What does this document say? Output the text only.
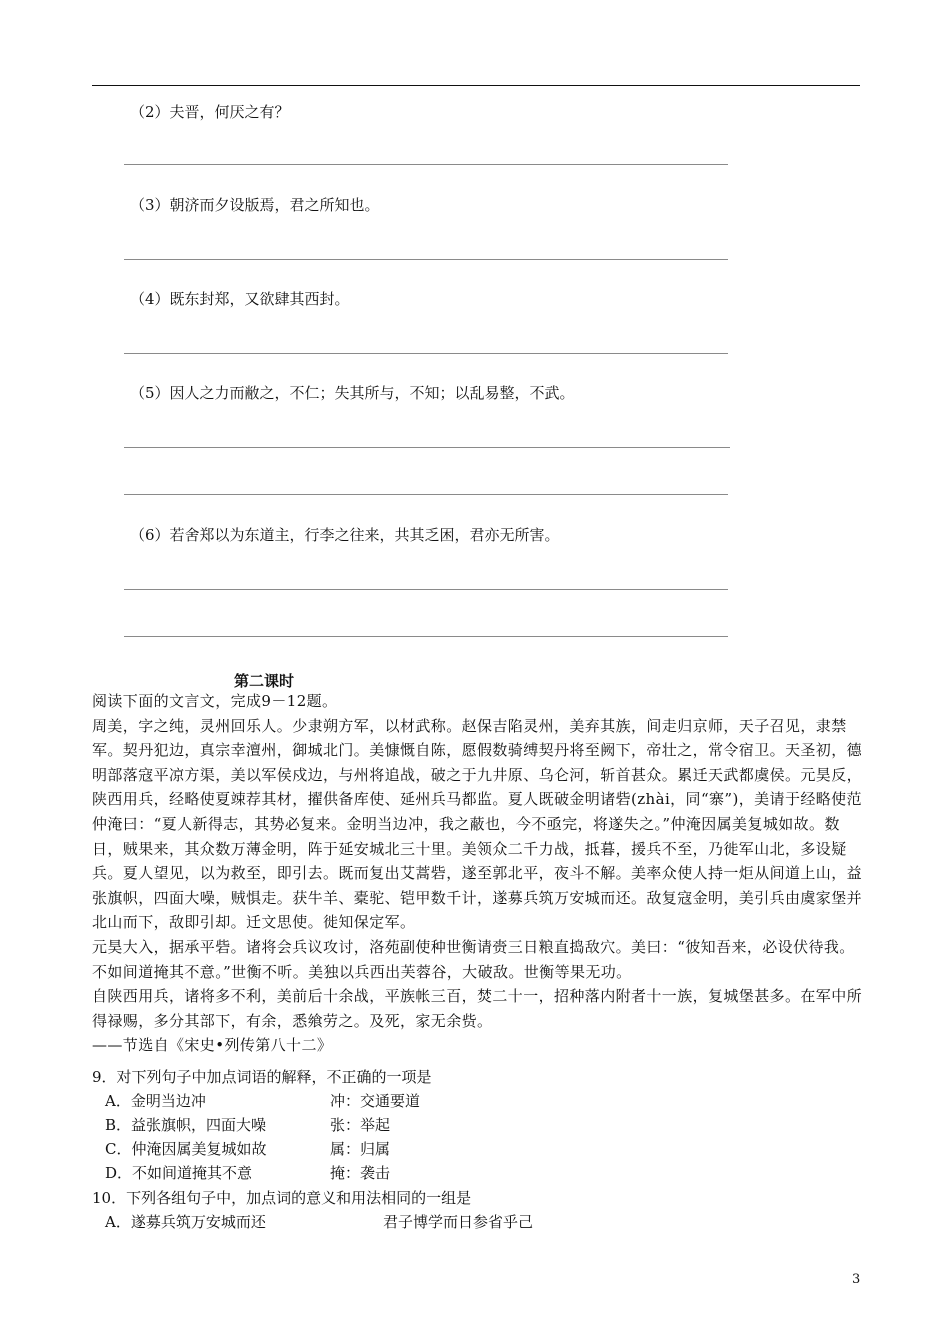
（2）夫晋，何厌之有？
（3）朝济而夕设版焉，君之所知也。
（4）既东封郑，又欲肆其西封。
（5）因人之力而敝之，不仁；失其所与，不知；以乱易整，不武。
（6）若舍郑以为东道主，行李之往来，共其乏困，君亦无所害。
第二课时

阅读下面的文言文，完成9－12题。

周美，字之纯，灵州回乐人。少隶朔方军，以材武称。赵保吉陷灵州，美弃其族，间走归京师，天子召见，隶禁军。契丹犯边，真宗幸澶州，御城北门。美慷慨自陈，愿假数骑缚契丹将至阙下，帝壮之，常令宿卫。天圣初，德明部落寇平凉方渠，美以军侯戍边，与州将追战，破之于九井原、乌仑河，斩首甚众。累迁天武都虞侯。元昊反，陕西用兵，经略使夏竦荐其材，擢供备库使、延州兵马都监。夏人既破金明诸砦(zhài，同“寨”)，美请于经略使范仲淹曰：“夏人新得志，其势必复来。金明当边冲，我之蔽也，今不亟完，将遂失之。”仲淹因属美复城如故。数日，贼果来，其众数万薄金明，阵于延安城北三十里。美领众二千力战，抵暮，援兵不至，乃徙军山北，多设疑兵。夏人望见，以为救至，即引去。既而复出艾蒿砦，遂至郭北平，夜斗不解。美率众使人持一炬从间道上山，益张旗帜，四面大噪，贼惧走。获牛羊、橐驼、铠甲数千计，遂募兵筑万安城而还。敌复寇金明，美引兵由虞家堡并北山而下，敌即引却。迁文思使。徙知保定军。

元昊大入，据承平砦。诸将会兵议攻讨，洛苑副使种世衡请赍三日粮直捣敌穴。美曰：“彼知吾来，必设伏待我。不如间道掩其不意。”世衡不听。美独以兵西出芙蓉谷，大破敌。世衡等果无功。

自陕西用兵，诸将多不利，美前后十余战，平族帐三百，焚二十一，招种落内附者十一族，复城堡甚多。在军中所得禄赐，多分其部下，有余，悉飨劳之。及死，家无余赀。

——节选自《宋史•列传第八十二》

9．对下列句子中加点词语的解释，不正确的一项是
A．金明当边冲	冲：交通要道
B．益张旗帜，四面大噪	张：举起
C．仲淹因属美复城如故	属：归属
D．不如间道掩其不意	掩：袭击
10．下列各组句子中，加点词的意义和用法相同的一组是
A．遂募兵筑万安城而还	君子博学而日参省乎己
3
